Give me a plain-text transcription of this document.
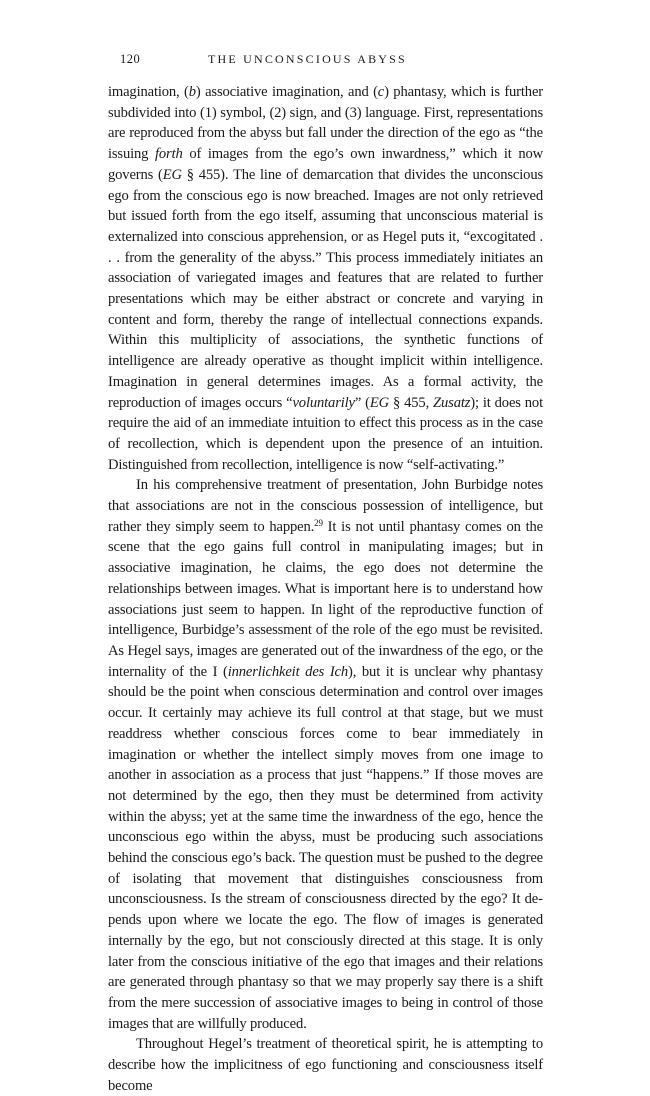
120	THE UNCONSCIOUS ABYSS

imagination, (b) associative imagination, and (c) phantasy, which is further subdivided into (1) symbol, (2) sign, and (3) language. First, representations are reproduced from the abyss but fall under the direction of the ego as “the issuing forth of images from the ego’s own inwardness,” which it now governs (EG § 455). The line of demarcation that divides the unconscious ego from the conscious ego is now breached. Images are not only retrieved but issued forth from the ego itself, assuming that unconscious material is externalized into conscious apprehension, or as Hegel puts it, “excogitated . . . from the generality of the abyss.” This process immediately initiates an association of variegated images and features that are related to further presentations which may be either abstract or concrete and varying in content and form, thereby the range of intellectual connections expands. Within this multiplicity of associations, the synthetic functions of intelligence are already operative as thought implicit within intelligence. Imagination in general determines images. As a formal activity, the reproduction of images occurs “voluntarily” (EG § 455, Zusatz); it does not require the aid of an immediate intuition to effect this process as in the case of recollection, which is dependent upon the presence of an intuition. Distinguished from recollection, intelligence is now “self-activating.”

In his comprehensive treatment of presentation, John Burbidge notes that associations are not in the conscious possession of intelligence, but rather they simply seem to happen.$^{29}$ It is not until phantasy comes on the scene that the ego gains full control in manipulating images; but in associative imagination, he claims, the ego does not determine the relationships between images. What is important here is to understand how associations just seem to happen. In light of the reproductive function of intelligence, Burbidge’s assessment of the role of the ego must be revisited. As Hegel says, images are generated out of the inwardness of the ego, or the internality of the I (innerlichkeit des Ich), but it is unclear why phantasy should be the point when conscious determination and control over images occur. It certainly may achieve its full control at that stage, but we must readdress whether conscious forces come to bear immediately in imagination or whether the intellect simply moves from one image to another in association as a process that just “happens.” If those moves are not determined by the ego, then they must be determined from activity within the abyss; yet at the same time the inwardness of the ego, hence the unconscious ego within the abyss, must be producing such associations behind the conscious ego’s back. The question must be pushed to the degree of isolating that movement that distinguishes consciousness from unconsciousness. Is the stream of consciousness directed by the ego? It depends upon where we locate the ego. The flow of images is generated internally by the ego, but not consciously directed at this stage. It is only later from the conscious initiative of the ego that images and their relations are generated through phantasy so that we may properly say there is a shift from the mere succession of associative images to being in control of those images that are willfully produced.

Throughout Hegel’s treatment of theoretical spirit, he is attempting to describe how the implicitness of ego functioning and consciousness itself become
